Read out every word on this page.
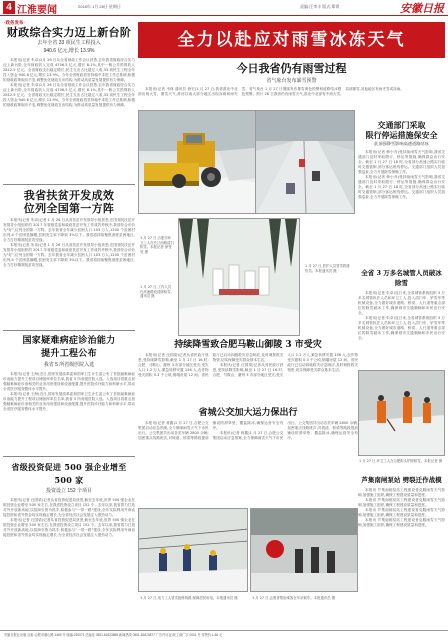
4 江淮要闻	2018年 1月 28日 星期日	责编:汪李丰 版式:郑霄	安徽日报
·政务发布·
全力以赴应对雨雪冰冻天气
财政综合实力迈上新台阶
去年全省 33 项民生工程投入
940.6 亿元,增长 13.9%

本报讯(记者 朱卓)1月 26 日从全省财政工作会议获悉,去年我省财政综合实力迈上新台阶,全年财政收入完成 4706.5 亿元,增长 8.1%,其中一般公共预算收入 2812.5 亿元。全省财政支出稳定增长,民生支出占比超过八成,33 项民生工程全年投入资金 940.6 亿元,增长 13.9%。今年全省财政将坚持稳中求进工作总基调,积极的财政政策取向不变,调整优化财政支出结构,为推动高质量发展提供有力保障。

本报讯(记者 朱卓)1月 26 日从全省财政工作会议获悉,去年我省财政综合实力迈上新台阶,全年财政收入完成 4706.5 亿元,增长 8.1%,其中一般公共预算收入 2812.5 亿元。全省财政支出稳定增长,民生支出占比超过八成,33 项民生工程全年投入资金 940.6 亿元,增长 13.9%。今年全省财政将坚持稳中求进工作总基调,积极的财政政策取向不变,调整优化财政支出结构,为推动高质量发展提供有力保障。

我省扶贫开发成效
位列全国第一方阵

本报讯(记者 朱卓)记者 1 月 26 日从省扶贫开发领导小组获悉,在国务院扶贫开发领导小组组织的 2017 年省级党委和政府扶贫开发工作成效考核中,我省综合评价为"好",位列全国第一方阵。去年我省全年减少贫困人口 103 万人,1200 个贫困村出列,4 个贫困县摘帽,贫困发生率下降到 3%以下。我省将持续聚焦深度贫困地区,全力打好精准脱贫攻坚战。

本报讯(记者 朱卓)记者 1 月 26 日从省扶贫开发领导小组获悉,在国务院扶贫开发领导小组组织的 2017 年省级党委和政府扶贫开发工作成效考核中,我省综合评价为"好",位列全国第一方阵。去年我省全年减少贫困人口 103 万人,1200 个贫困村出列,4 个贫困县摘帽,贫困发生率下降到 3%以下。我省将持续聚焦深度贫困地区,全力打好精准脱贫攻坚战。

国家疑难病症诊治能力
提升工程公布
我省 5 所省级医院入选

本报讯(记者 王海)近日,国家发展改革委和国家卫生计生委公布了首批疑难病症诊治能力提升工程项目储备库单位名单,我省 5 所省级医院入选。入选项目将重点加强疑难病症诊治相关的业务用房建设和设备配置,提升医院诊疗能力和科研水平,带动全省医疗服务整体水平提升。

本报讯(记者 王海)近日,国家发展改革委和国家卫生计生委公布了首批疑难病症诊治能力提升工程项目储备库单位名单,我省 5 所省级医院入选。入选项目将重点加强疑难病症诊治相关的业务用房建设和设备配置,提升医院诊疗能力和科研水平,带动全省医疗服务整体水平提升。

省级投资促进 500 强企业增至 500 家
投资设立 152 个项目

本报讯(记者 汪国梁)记者从省投资促进局获悉,截至去年底,世界 500 强企业在皖投资企业增至 500 家左右,在我省投资设立项目 152 个。去年以来,我省着力打造对外开放新高地,以招商引资为抓手,积极参与"一带一路"建设,全年实际利用外商直接投资和省外资金均实现稳定增长,为全省经济社会发展注入强劲动力。

本报讯(记者 汪国梁)记者从省投资促进局获悉,截至去年底,世界 500 强企业在皖投资企业增至 500 家左右,在我省投资设立项目 152 个。去年以来,我省着力打造对外开放新高地,以招商引资为抓手,积极参与"一带一路"建设,全年实际利用外商直接投资和省外资金均实现稳定增长,为全省经济社会发展注入强劲动力。

今日我省仍有雨雪过程
省气象台发布暴雪预警

本报讯(记者 韦林 通讯员 徐宏)1 月 27 日,我省淮北中北部出现大雪、暴雪天气,淮河以南大部分地区出现冻雨和雨夹雪。省气象台 1 月 27 日继续发布暴雪黄色预警和道路结冰橙色预警。预计 28 日我省仍有雨雪天气,淮北中北部有中到大雪,局部暴雪,其他地区有雨夹雪或冻雨。

1 月 27 日,合肥市环卫工人在长江西路清扫积雪。本报记者 徐旻昊 摄
1 月 27 日,工作人员在高速路段清除积雪。通讯员 摄
1 月 27 日,医护人员冒雪救援伤员。本报通讯员 摄
持续降雪致合肥马鞍山御陵 3 市受灾

本报讯(记者 汪国梁)记者从省民政厅获悉,受持续降雪影响,截至 1 月 27 日 16 时,合肥、马鞍山、滁州 3 市部分地区受灾,受灾人口 1.2 万人,紧急转移安置 156 人,农作物受灾面积 0.3 千公顷,倒塌房屋 12 间。省民政厅已启动四级救灾应急响应,及时调拨救灾物资,切实保障受灾群众基本生活。

本报讯(记者 汪国梁)记者从省民政厅获悉,受持续降雪影响,截至 1 月 27 日 16 时,合肥、马鞍山、滁州 3 市部分地区受灾,受灾人口 1.2 万人,紧急转移安置 156 人,农作物受灾面积 0.3 千公顷,倒塌房屋 12 间。省民政厅已启动四级救灾应急响应,及时调拨救灾物资,切实保障受灾群众基本生活。

省城公交加大运力保出行

本报讯(记者 蒋鑫)1 月 27 日,合肥公交集团启动应急预案,全力保障雨雪天气下市民出行。公交集团共出动各类车辆 2800 余辆,加密重点线路班次,对坡道、桥梁等路段提前铺设防滑草垫、撒盐除冰,确保运营安全有序。

本报讯(记者 蒋鑫)1 月 27 日,合肥公交集团启动应急预案,全力保障雨雪天气下市民出行。公交集团共出动各类车辆 2800 余辆,加密重点线路班次,对坡道、桥梁等路段提前铺设防滑草垫、撒盐除冰,确保运营安全有序。

1 月 27 日,电力工人冒雪抢修线路,保障居民用电。本报通讯员 摄	1 月 27 日,志愿者帮助乘客在车站候车。本报通讯员 摄
交通部门采取
限行停运措施保安全
此前强降雪影响高速道路结冰

本报讯(记者 韩小乔)受持续雨雪天气影响,我省交通部门及时采取限行、停运等措施,确保群众出行安全。截至 1 月 27 日 18 时,全省部分高速公路实行临时交通管制,部分客运班线停运。交通部门组织人员加强巡查,全力开展除雪保畅工作。

本报讯(记者 韩小乔)受持续雨雪天气影响,我省交通部门及时采取限行、停运等措施,确保群众出行安全。截至 1 月 27 日 18 时,全省部分高速公路实行临时交通管制,部分客运班线停运。交通部门组织人员加强巡查,全力开展除雪保畅工作。

全省 3 万多名城管人员破冰除雪

本报讯(记者 朱卓)连日来,全省城管系统组织 3 万多名城管执法人员和环卫工人,投入清扫车、铲雪车等机械设备,全力做好城市道路、桥梁、人行道等重点部位的除雪破冰工作,确保城市交通顺畅和市民出行安全。

本报讯(记者 朱卓)连日来,全省城管系统组织 3 万多名城管执法人员和环卫工人,投入清扫车、铲雪车等机械设备,全力做好城市道路、桥梁、人行道等重点部位的除雪破冰工作,确保城市交通顺畅和市民出行安全。

1 月 27 日,环卫工人在合肥街头铲除积雪。本报记者 摄
芦集南闸泵站 劈裂迁作战模

本报讯 芦集南闸泵站工程建设者克服雨雪天气影响,加强施工组织,确保工程建设质量和进度。

本报讯 芦集南闸泵站工程建设者克服雨雪天气影响,加强施工组织,确保工程建设质量和进度。

本报讯 芦集南闸泵站工程建设者克服雨雪天气影响,加强施工组织,确保工程建设质量和进度。

本报讯 芦集南闸泵站工程建设者克服雨雪天气影响,加强施工组织,确保工程建设质量和进度。

安徽日报社出版 社址:合肥市潜山路 1469 号 邮编:230071 总编室 0551-62623855 新闻热线 0551-62623877 广告许可证:皖工商广字 0001 号 零售价:1.50 元
